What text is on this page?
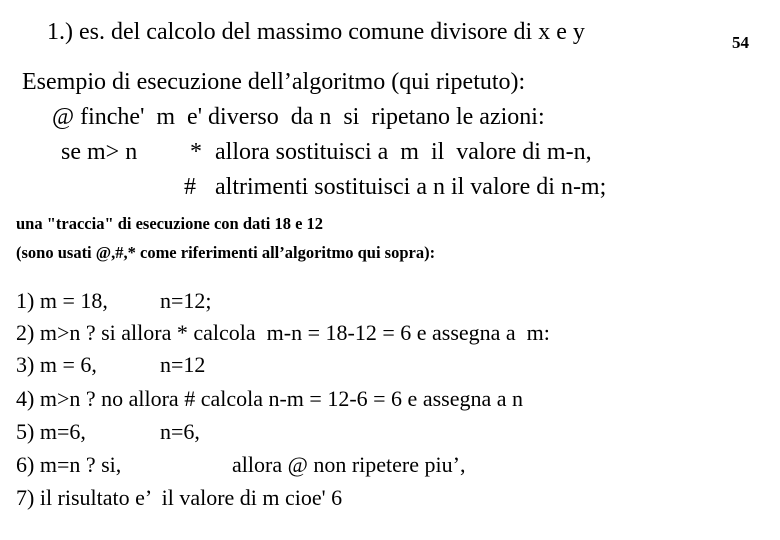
1.) es. del calcolo del massimo comune divisore di x e y	54
Esempio di esecuzione dell’algoritmo (qui ripetuto):
@ finche'  m  e' diverso  da n  si  ripetano le azioni:
se m> n * allora sostituisci a  m  il  valore di m-n,
# altrimenti sostituisci a n il valore di n-m;
una "traccia" di esecuzione con dati 18 e 12
(sono usati @,#,* come riferimenti all’algoritmo qui sopra):
1) m = 18, n=12;
2) m>n ? si allora * calcola  m-n = 18-12 = 6 e assegna a  m:
3) m = 6,	n=12
4) m>n ? no allora # calcola n-m = 12-6 = 6 e assegna a n
5) m=6,	n=6,
6) m=n ? si,	allora @ non ripetere piu’,
7) il risultato e’  il valore di m cioe' 6
